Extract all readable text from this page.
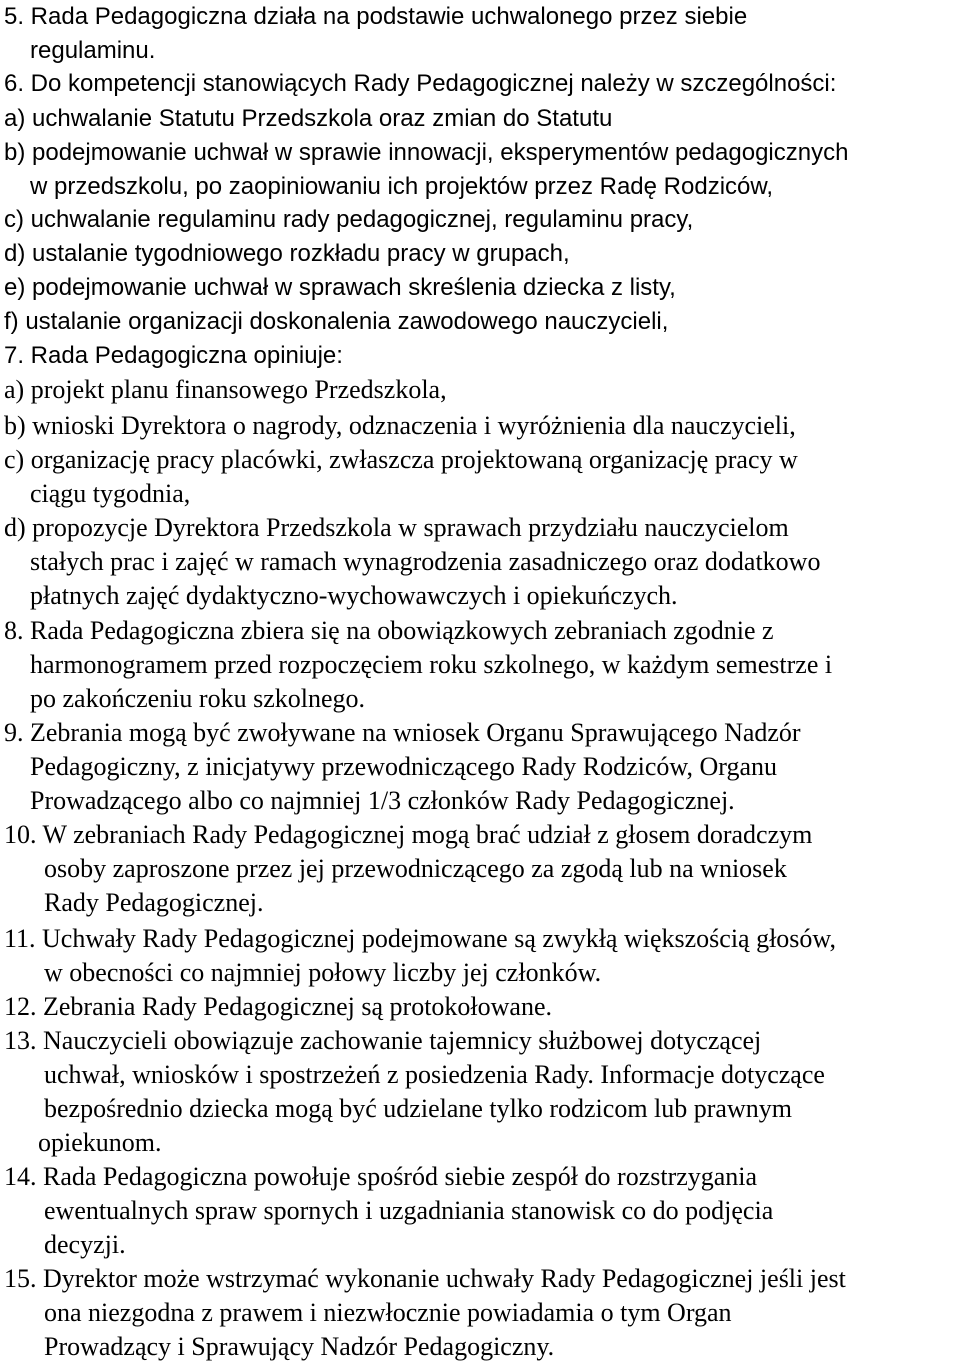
5. Rada Pedagogiczna działa na podstawie uchwalonego przez siebie

regulaminu.

6. Do kompetencji stanowiących Rady Pedagogicznej należy w szczególności:

a) uchwalanie Statutu Przedszkola oraz zmian do Statutu

b) podejmowanie uchwał w sprawie innowacji, eksperymentów pedagogicznych

w przedszkolu, po zaopiniowaniu ich projektów przez Radę Rodziców,

c) uchwalanie regulaminu rady pedagogicznej, regulaminu pracy,

d) ustalanie tygodniowego rozkładu pracy w grupach,

e) podejmowanie uchwał w sprawach skreślenia dziecka z listy,

f) ustalanie organizacji doskonalenia zawodowego nauczycieli,

7. Rada Pedagogiczna opiniuje:

a) projekt planu finansowego Przedszkola,

b) wnioski Dyrektora o nagrody, odznaczenia i wyróżnienia dla nauczycieli,

c) organizację pracy placówki, zwłaszcza projektowaną organizację pracy w

ciągu tygodnia,

d) propozycje Dyrektora Przedszkola w sprawach przydziału nauczycielom

stałych prac i zajęć w ramach wynagrodzenia zasadniczego oraz dodatkowo

płatnych zajęć dydaktyczno-wychowawczych i opiekuńczych.

8. Rada Pedagogiczna zbiera się na obowiązkowych zebraniach zgodnie z

harmonogramem przed rozpoczęciem roku szkolnego, w każdym semestrze i

po zakończeniu roku szkolnego.

9. Zebrania mogą być zwoływane na wniosek Organu Sprawującego Nadzór

Pedagogiczny, z inicjatywy przewodniczącego Rady Rodziców, Organu

Prowadzącego albo co najmniej 1/3 członków Rady Pedagogicznej.

10. W zebraniach Rady Pedagogicznej mogą brać udział z głosem doradczym

osoby zaproszone przez jej przewodniczącego za zgodą lub na wniosek

Rady Pedagogicznej.

11. Uchwały Rady Pedagogicznej podejmowane są zwykłą większością głosów,

w obecności co najmniej połowy liczby jej członków.

12. Zebrania Rady Pedagogicznej są protokołowane.

13. Nauczycieli obowiązuje zachowanie tajemnicy służbowej dotyczącej

uchwał, wniosków i spostrzeżeń z posiedzenia Rady. Informacje dotyczące

bezpośrednio dziecka mogą być udzielane tylko rodzicom lub prawnym

opiekunom.

14. Rada Pedagogiczna powołuje spośród siebie zespół do rozstrzygania

ewentualnych spraw spornych i uzgadniania stanowisk co do podjęcia

decyzji.

15. Dyrektor może wstrzymać wykonanie uchwały Rady Pedagogicznej jeśli jest

ona niezgodna z prawem i niezwłocznie powiadamia o tym Organ

Prowadzący i Sprawujący Nadzór Pedagogiczny.
